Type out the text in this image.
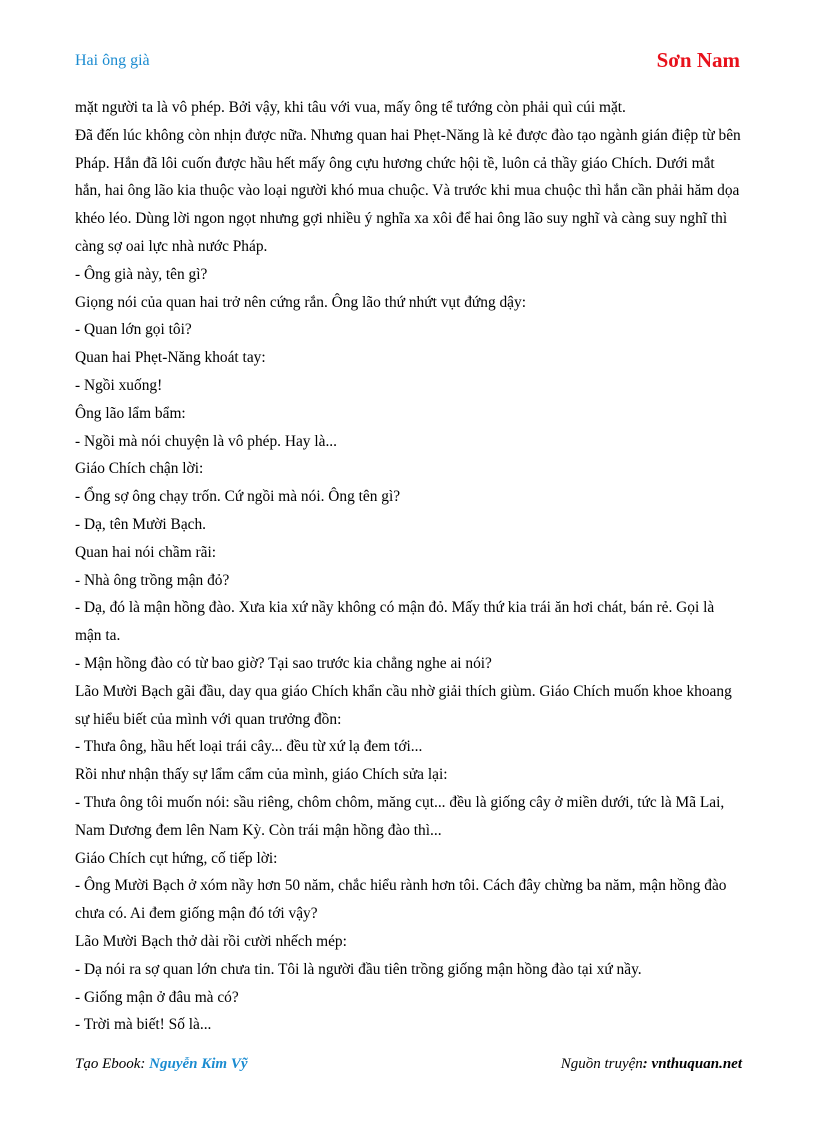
Hai ông già	Sơn Nam

mặt người ta là vô phép. Bởi vậy, khi tâu với vua, mấy ông tể tướng còn phải quì cúi mặt.

Đã đến lúc không còn nhịn được nữa. Nhưng quan hai Phẹt-Năng là kẻ được đào tạo ngành gián điệp từ bên Pháp. Hắn đã lôi cuốn được hầu hết mấy ông cựu hương chức hội tề, luôn cả thầy giáo Chích. Dưới mắt hắn, hai ông lão kia thuộc vào loại người khó mua chuộc. Và trước khi mua chuộc thì hắn cần phải hăm dọa khéo léo. Dùng lời ngon ngọt nhưng gợi nhiều ý nghĩa xa xôi để hai ông lão suy nghĩ và càng suy nghĩ thì càng sợ oai lực nhà nước Pháp.

- Ông già này, tên gì?

Giọng nói của quan hai trở nên cứng rắn. Ông lão thứ nhứt vụt đứng dậy:

- Quan lớn gọi tôi?

Quan hai Phẹt-Năng khoát tay:

- Ngồi xuống!

Ông lão lẩm bẩm:

- Ngồi mà nói chuyện là vô phép. Hay là...

Giáo Chích chận lời:

- Ổng sợ ông chạy trốn. Cứ ngồi mà nói. Ông tên gì?

- Dạ, tên Mười Bạch.

Quan hai nói chầm rãi:

- Nhà ông trồng mận đỏ?

- Dạ, đó là mận hồng đào. Xưa kia xứ nầy không có mận đỏ. Mấy thứ kia trái ăn hơi chát, bán rẻ. Gọi là mận ta.

- Mận hồng đào có từ bao giờ? Tại sao trước kia chẳng nghe ai nói?

Lão Mười Bạch gãi đầu, day qua giáo Chích khẩn cầu nhờ giải thích giùm. Giáo Chích muốn khoe khoang sự hiểu biết của mình với quan trưởng đồn:

- Thưa ông, hầu hết loại trái cây... đều từ xứ lạ đem tới...

Rồi như nhận thấy sự lẩm cẩm của mình, giáo Chích sửa lại:

- Thưa ông tôi muốn nói: sầu riêng, chôm chôm, măng cụt... đều là giống cây ở miền dưới, tức là Mã Lai, Nam Dương đem lên Nam Kỳ. Còn trái mận hồng đào thì...

Giáo Chích cụt hứng, cố tiếp lời:

- Ông Mười Bạch ở xóm nầy hơn 50 năm, chắc hiểu rành hơn tôi. Cách đây chừng ba năm, mận hồng đào chưa có. Ai đem giống mận đó tới vậy?

Lão Mười Bạch thở dài rồi cười nhếch mép:

- Dạ nói ra sợ quan lớn chưa tin. Tôi là người đầu tiên trồng giống mận hồng đào tại xứ nầy.

- Giống mận ở đâu mà có?

- Trời mà biết! Số là...

Tạo Ebook: Nguyễn Kim Vỹ	Nguồn truyện: vnthuquan.net
